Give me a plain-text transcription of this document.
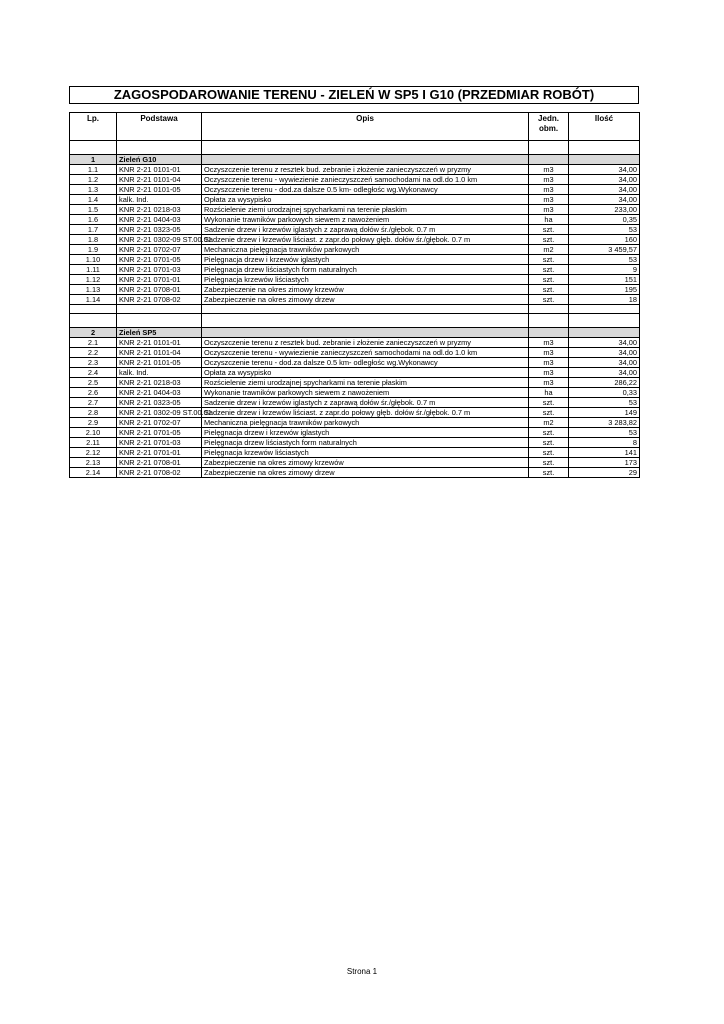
ZAGOSPODAROWANIE TERENU - ZIELEŃ W SP5 I G10 (PRZEDMIAR ROBÓT)
Lp.	Podstawa	Opis	Jedn. obm.	Ilość

1	Zieleń G10			
1.1	KNR 2-21 0101-01	Oczyszczenie terenu z resztek bud. zebranie i złożenie zanieczyszczeń w pryzmy	m3	34,00
1.2	KNR 2-21 0101-04	Oczyszczenie terenu - wywiezienie zanieczyszczeń samochodami na odl.do 1.0 km	m3	34,00
1.3	KNR 2-21 0101-05	Oczyszczenie terenu - dod.za dalsze 0.5 km- odległośc wg.Wykonawcy	m3	34,00
1.4	kalk. Ind.	Opłata za wysypisko	m3	34,00
1.5	KNR 2-21 0218-03	Rozścielenie ziemi urodzajnej spycharkami na terenie płaskim	m3	233,00
1.6	KNR 2-21 0404-03	Wykonanie trawników parkowych siewem z nawożeniem	ha	0,35
1.7	KNR 2-21 0323-05	Sadzenie drzew i krzewów iglastych z zaprawą dołów śr./głębok. 0.7 m	szt.	53
1.8	KNR 2-21 0302-09 ST.00.01	Sadzenie drzew i krzewów liściast. z zapr.do połowy głęb. dołów śr./głębok. 0.7 m	szt.	160
1.9	KNR 2-21 0702-07	Mechaniczna pielęgnacja trawników parkowych	m2	3 459,57
1.10	KNR 2-21 0701-05	Pielęgnacja drzew i krzewów iglastych	szt.	53
1.11	KNR 2-21 0701-03	Pielęgnacja drzew liściastych form naturalnych	szt.	9
1.12	KNR 2-21 0701-01	Pielęgnacja krzewów liściastych	szt.	151
1.13	KNR 2-21 0708-01	Zabezpieczenie na okres zimowy krzewów	szt.	195
1.14	KNR 2-21 0708-02	Zabezpieczenie na okres zimowy drzew	szt.	18

2	Zieleń SP5			
2.1	KNR 2-21 0101-01	Oczyszczenie terenu z resztek bud. zebranie i złożenie zanieczyszczeń w pryzmy	m3	34,00
2.2	KNR 2-21 0101-04	Oczyszczenie terenu - wywiezienie zanieczyszczeń samochodami na odl.do 1.0 km	m3	34,00
2.3	KNR 2-21 0101-05	Oczyszczenie terenu - dod.za dalsze 0.5 km- odległośc wg.Wykonawcy	m3	34,00
2.4	kalk. Ind.	Opłata za wysypisko	m3	34,00
2.5	KNR 2-21 0218-03	Rozścielenie ziemi urodzajnej spycharkami na terenie płaskim	m3	286,22
2.6	KNR 2-21 0404-03	Wykonanie trawników parkowych siewem z nawożeniem	ha	0,33
2.7	KNR 2-21 0323-05	Sadzenie drzew i krzewów iglastych z zaprawą dołów śr./głębok. 0.7 m	szt.	53
2.8	KNR 2-21 0302-09 ST.00.01	Sadzenie drzew i krzewów liściast. z zapr.do połowy głęb. dołów śr./głębok. 0.7 m	szt.	149
2.9	KNR 2-21 0702-07	Mechaniczna pielęgnacja trawników parkowych	m2	3 283,82
2.10	KNR 2-21 0701-05	Pielęgnacja drzew i krzewów iglastych	szt.	53
2.11	KNR 2-21 0701-03	Pielęgnacja drzew liściastych form naturalnych	szt.	8
2.12	KNR 2-21 0701-01	Pielęgnacja krzewów liściastych	szt.	141
2.13	KNR 2-21 0708-01	Zabezpieczenie na okres zimowy krzewów	szt.	173
2.14	KNR 2-21 0708-02	Zabezpieczenie na okres zimowy drzew	szt.	29
Strona 1
